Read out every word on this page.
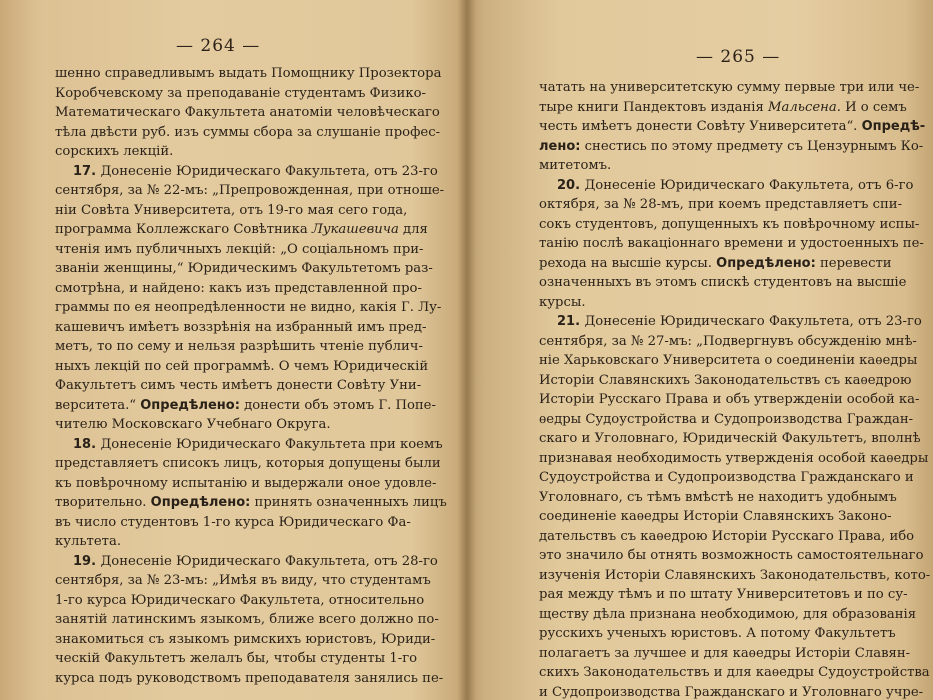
— 264 —
шенно справедливымъ выдать Помощнику Прозектора
Коробчевскому за преподаваніе студентамъ Физико-
Математическаго Факультета анатоміи человѣческаго
тѣла двѣсти руб. изъ суммы сбора за слушаніе профес-
сорскихъ лекцій.
17. Донесеніе Юридическаго Факультета, отъ 23-го
сентября, за № 22-мъ: „Препровожденная, при отноше-
ніи Совѣта Университета, отъ 19-го мая сего года,
программа Коллежскаго Совѣтника Лукашевича для
чтенія имъ публичныхъ лекцій: „О соціальномъ при-
званіи женщины,“ Юридическимъ Факультетомъ раз-
смотрѣна, и найдено: какъ изъ представленной про-
граммы по ея неопредѣленности не видно, какія Г. Лу-
кашевичъ имѣетъ воззрѣнія на избранный имъ пред-
метъ, то по сему и нельзя разрѣшить чтеніе публич-
ныхъ лекцій по сей программѣ. О чемъ Юридическій
Факультетъ симъ честь имѣетъ донести Совѣту Уни-
верситета.“ Опредѣлено: донести объ этомъ Г. Попе-
чителю Московскаго Учебнаго Округа.
18. Донесеніе Юридическаго Факультета при коемъ
представляетъ списокъ лицъ, которыя допущены были
къ повѣрочному испытанію и выдержали оное удовле-
творительно. Опредѣлено: принять означенныхъ лицъ
въ число студентовъ 1-го курса Юридическаго Фа-
культета.
19. Донесеніе Юридическаго Факультета, отъ 28-го
сентября, за № 23-мъ: „Имѣя въ виду, что студентамъ
1-го курса Юридическаго Факультета, относительно
занятій латинскимъ языкомъ, ближе всего должно по-
знакомиться съ языкомъ римскихъ юристовъ, Юриди-
ческій Факультетъ желалъ бы, чтобы студенты 1-го
курса подъ руководствомъ преподавателя занялись пе-
— 265 —
чатать на университетскую сумму первые три или че-
тыре книги Пандектовъ изданія Мальсена. И о семъ
честь имѣетъ донести Совѣту Университета“. Опредѣ-
лено: снестись по этому предмету съ Цензурнымъ Ко-
митетомъ.
20. Донесеніе Юридическаго Факультета, отъ 6-го
октября, за № 28-мъ, при коемъ представляетъ спи-
сокъ студентовъ, допущенныхъ къ повѣрочному испы-
танію послѣ вакаціоннаго времени и удостоенныхъ пе-
рехода на высшіе курсы. Опредѣлено: перевести
означенныхъ въ этомъ спискѣ студентовъ на высшіе
курсы.
21. Донесеніе Юридическаго Факультета, отъ 23-го
сентября, за № 27-мъ: „Подвергнувъ обсужденію мнѣ-
ніе Харьковскаго Университета о соединеніи каѳедры
Исторіи Славянскихъ Законодательствъ съ каѳедрою
Исторіи Русскаго Права и объ утвержденіи особой ка-
ѳедры Судоустройства и Судопроизводства Граждан-
скаго и Уголовнаго, Юридическій Факультетъ, вполнѣ
признавая необходимость утвержденія особой каѳедры
Судоустройства и Судопроизводства Гражданскаго и
Уголовнаго, съ тѣмъ вмѣстѣ не находитъ удобнымъ
соединеніе каѳедры Исторіи Славянскихъ Законо-
дательствъ съ каѳедрою Исторіи Русскаго Права, ибо
это значило бы отнять возможность самостоятельнаго
изученія Исторіи Славянскихъ Законодательствъ, кото-
рая между тѣмъ и по штату Университетовъ и по су-
ществу дѣла признана необходимою, для образованія
русскихъ ученыхъ юристовъ. А потому Факультетъ
полагаетъ за лучшее и для каѳедры Исторіи Славян-
скихъ Законодательствъ и для каѳедры Судоустройства
и Судопроизводства Гражданскаго и Уголовнаго учре-
